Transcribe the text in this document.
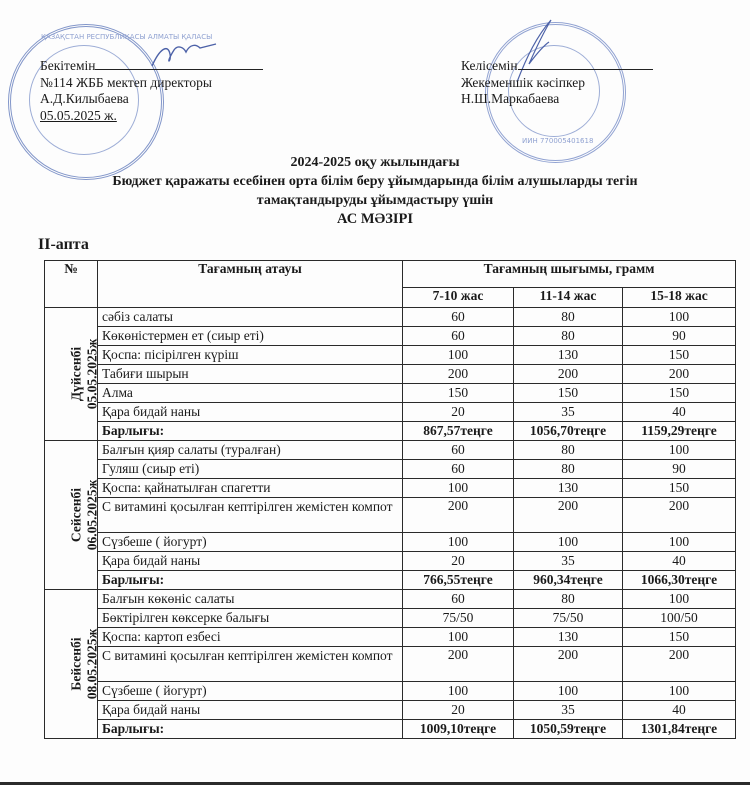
ҚАЗАҚСТАН РЕСПУБЛИКАСЫ АЛМАТЫ ҚАЛАСЫ
ИИН 770005401618
Бекітемін
№114 ЖББ мектеп директоры
А.Д.Килыбаева
05.05.2025 ж.
Келісемін
Жекеменшік кәсіпкер
Н.Ш.Маркабаева
2024-2025 оқу жылындағы
Бюджет қаражаты есебінен орта білім беру ұйымдарында білім алушыларды тегін
тамақтандыруды ұйымдастыру үшін
АС МӘЗІРІ
ІІ-апта
№	Тағамның атауы	Тағамның шығымы, грамм		
		7-10 жас	11-14 жас	15-18 жас
Дүйсенбі
05.05.2025ж	сәбіз салаты	60	80	100
	Көкөністермен ет (сиыр еті)	60	80	90
	Қоспа: пісірілген күріш	100	130	150
	Табиғи шырын	200	200	200
	Алма	150	150	150
	Қара бидай наны	20	35	40
	Барлығы:	867,57теңге	1056,70теңге	1159,29теңге
Сейсенбі
06.05.2025ж	Балғын қияр салаты (туралған)	60	80	100
	Гуляш (сиыр еті)	60	80	90
	Қоспа: қайнатылған спагетти	100	130	150
	С витамині қосылған кептірілген жемістен компот	200	200	200
	Сүзбеше ( йогурт)	100	100	100
	Қара бидай наны	20	35	40
	Барлығы:	766,55теңге	960,34теңге	1066,30теңге
Бейсенбі
08.05.2025ж	Балғын көкөніс салаты	60	80	100
	Бөктірілген көксерке балығы	75/50	75/50	100/50
	Қоспа: картоп езбесі	100	130	150
	С витамині қосылған кептірілген жемістен компот	200	200	200
	Сүзбеше ( йогурт)	100	100	100
	Қара бидай наны	20	35	40
	Барлығы:	1009,10теңге	1050,59теңге	1301,84теңге
